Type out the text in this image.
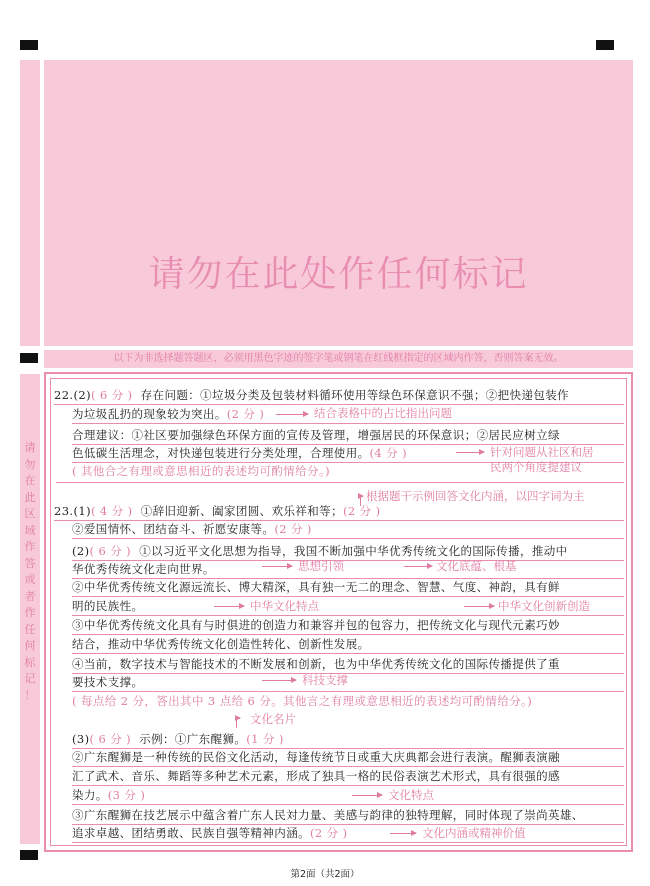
请勿在此处作任何标记
以下为非选择题答题区，必须用黑色字迹的签字笔或钢笔在红线框指定的区域内作答，否则答案无效。
请
勿
在
此
区
域
作
答
或
者
作
任
何
标
记
！
22.(2)( 6 分 ) 存在问题：①垃圾分类及包装材料循环使用等绿色环保意识不强；②把快递包装作
为垃圾乱扔的现象较为突出。(2 分 )	结合表格中的占比指出问题
合理建议：①社区要加强绿色环保方面的宣传及管理，增强居民的环保意识；②居民应树立绿
色低碳生活理念，对快递包装进行分类处理，合理使用。(4 分 )	针对问题从社区和居
民两个角度提建议
( 其他合之有理或意思相近的表述均可酌情给分。)
根据题干示例回答文化内涵，以四字词为主
23.(1)( 4 分 ) ①辞旧迎新、阖家团圆、欢乐祥和等；(2 分 )
②爱国情怀、团结奋斗、祈愿安康等。(2 分 )
(2)( 6 分 ) ①以习近平文化思想为指导，我国不断加强中华优秀传统文化的国际传播，推动中
华优秀传统文化走向世界。	思想引领	文化底蕴、根基
②中华优秀传统文化源远流长、博大精深，具有独一无二的理念、智慧、气度、神韵，具有鲜
明的民族性。	中华文化特点	中华文化创新创造
③中华优秀传统文化具有与时俱进的创造力和兼容并包的包容力，把传统文化与现代元素巧妙
结合，推动中华优秀传统文化创造性转化、创新性发展。
④当前，数字技术与智能技术的不断发展和创新，也为中华优秀传统文化的国际传播提供了重
要技术支撑。	科技支撑
( 每点给 2 分，答出其中 3 点给 6 分。其他言之有理或意思相近的表述均可酌情给分。)
文化名片
(3)( 6 分 ) 示例：①广东醒狮。(1 分 )
②广东醒狮是一种传统的民俗文化活动，每逢传统节日或重大庆典都会进行表演。醒狮表演融
汇了武术、音乐、舞蹈等多种艺术元素，形成了独具一格的民俗表演艺术形式，具有很强的感
染力。(3 分 )	文化特点
③广东醒狮在技艺展示中蕴含着广东人民対力量、美感与韵律的独特理解，同时体现了崇尚英雄、
追求卓越、团结勇敢、民族自强等精神内涵。(2 分 )	文化内涵或精神价值
第2面（共2面）
